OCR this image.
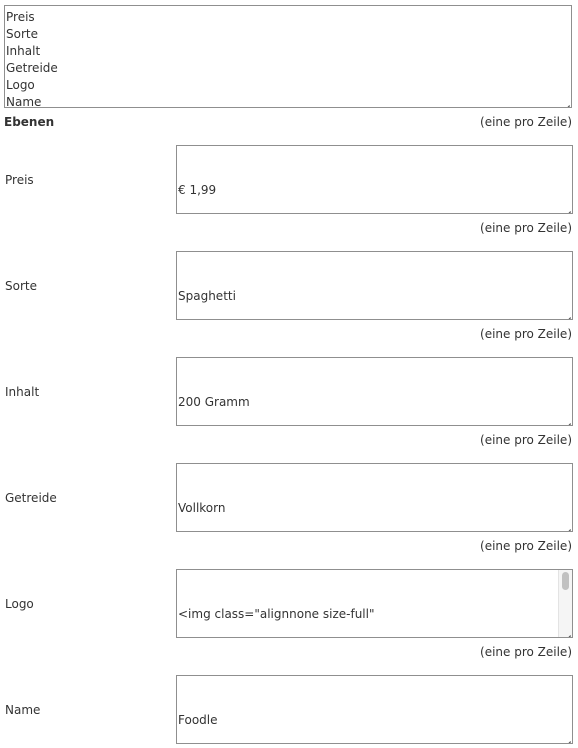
Preis
Sorte
Inhalt
Getreide
Logo
Name
Ebenen	(eine pro Zeile)
Preis

€ 1,99

(eine pro Zeile)
Sorte

Spaghetti

(eine pro Zeile)
Inhalt

200 Gramm

(eine pro Zeile)
Getreide

Vollkorn

(eine pro Zeile)
Logo

<img class="alignnone size-full"

(eine pro Zeile)
Name

Foodle
